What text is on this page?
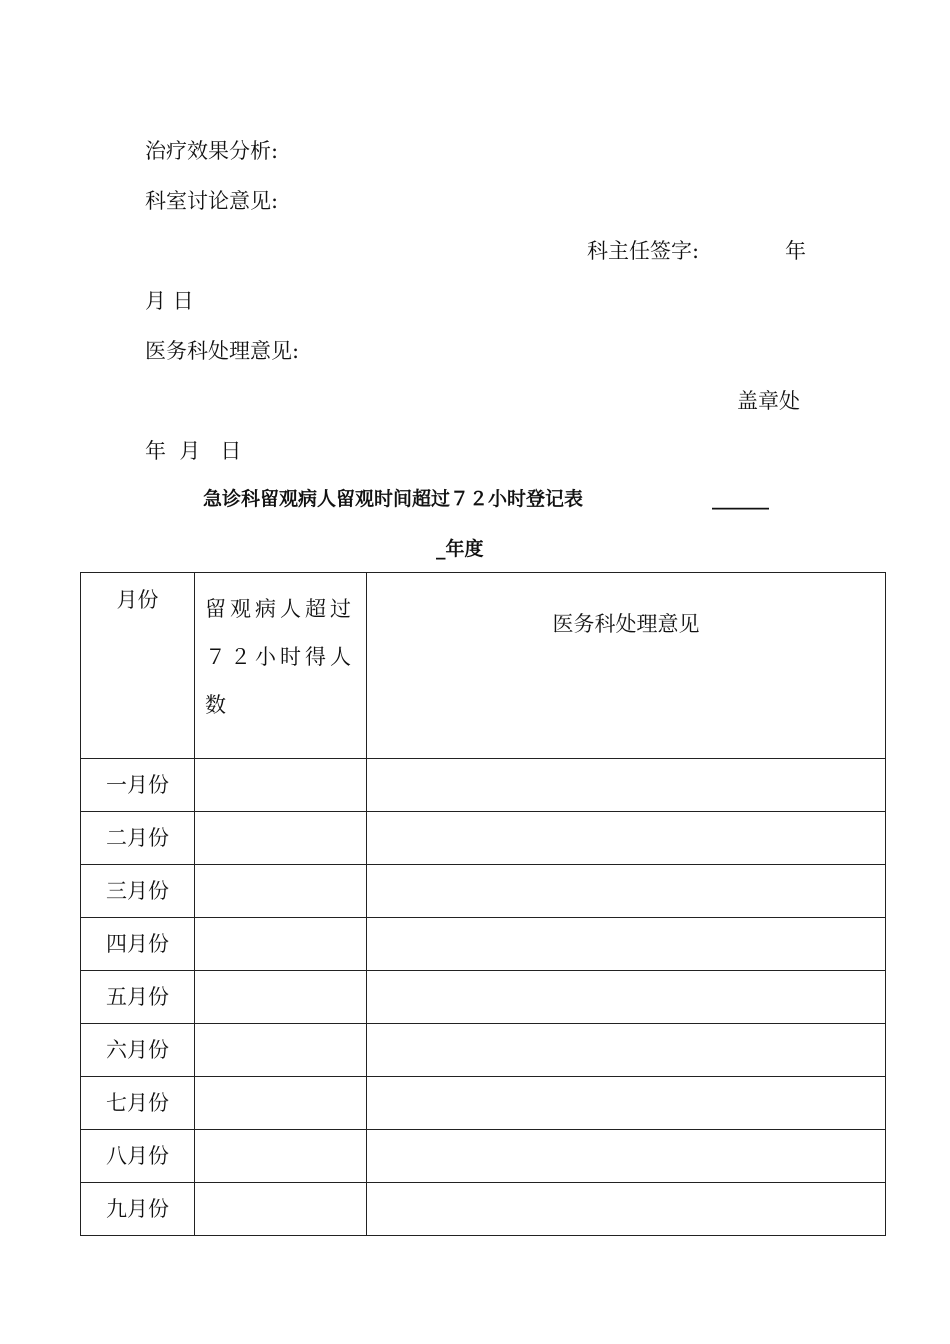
治疗效果分析:
科室讨论意见:
科主任签字:	年
月 日
医务科处理意见:
盖章处
年  月   日
急诊科留观病人留观时间超过７２小时登记表	______
_年度
月份	留观病人超过７２小时得人数	医务科处理意见
一月份		
二月份		
三月份		
四月份		
五月份		
六月份		
七月份		
八月份		
九月份		
